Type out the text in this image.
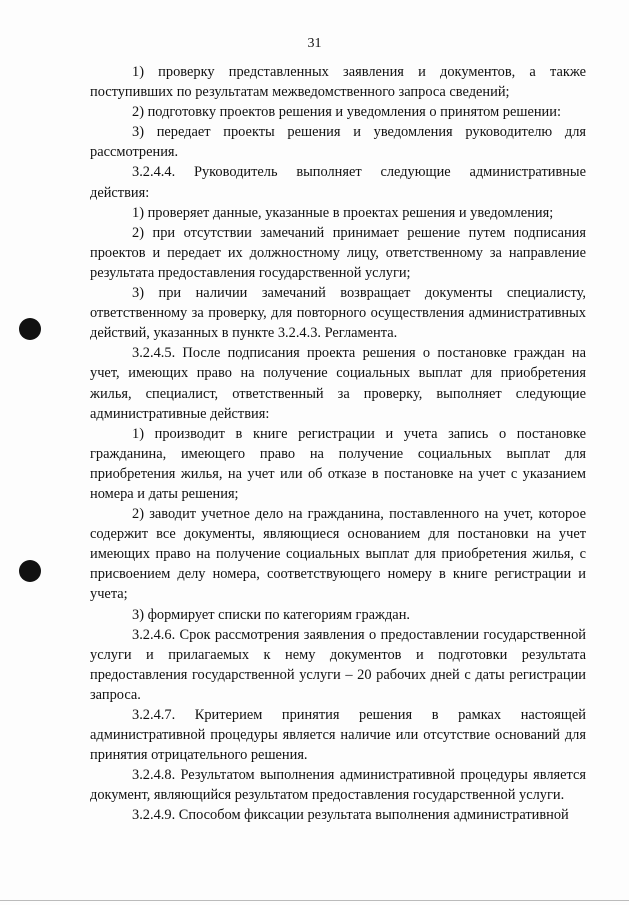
31

1) проверку представленных заявления и документов, а также поступивших по результатам межведомственного запроса сведений;

2) подготовку проектов решения и уведомления о принятом решении:

3) передает проекты решения и уведомления руководителю для рассмотрения.

3.2.4.4. Руководитель выполняет следующие административные действия:

1) проверяет данные, указанные в проектах решения и уведомления;

2) при отсутствии замечаний принимает решение путем подписания проектов и передает их должностному лицу, ответственному за направление результата предоставления государственной услуги;

3) при наличии замечаний возвращает документы специалисту, ответственному за проверку, для повторного осуществления административных действий, указанных в пункте 3.2.4.3. Регламента.

3.2.4.5. После подписания проекта решения о постановке граждан на учет, имеющих право на получение социальных выплат для приобретения жилья, специалист, ответственный за проверку, выполняет следующие административные действия:

1) производит в книге регистрации и учета запись о постановке гражданина, имеющего право на получение социальных выплат для приобретения жилья, на учет или об отказе в постановке на учет с указанием номера и даты решения;

2) заводит учетное дело на гражданина, поставленного на учет, которое содержит все документы, являющиеся основанием для постановки на учет имеющих право на получение социальных выплат для приобретения жилья, с присвоением делу номера, соответствующего номеру в книге регистрации и учета;

3) формирует списки по категориям граждан.

3.2.4.6. Срок рассмотрения заявления о предоставлении государственной услуги и прилагаемых к нему документов и подготовки результата предоставления государственной услуги – 20 рабочих дней с даты регистрации запроса.

3.2.4.7. Критерием принятия решения в рамках настоящей административной процедуры является наличие или отсутствие оснований для принятия отрицательного решения.

3.2.4.8. Результатом выполнения административной процедуры является документ, являющийся результатом предоставления государственной услуги.

3.2.4.9. Способом фиксации результата выполнения административной
